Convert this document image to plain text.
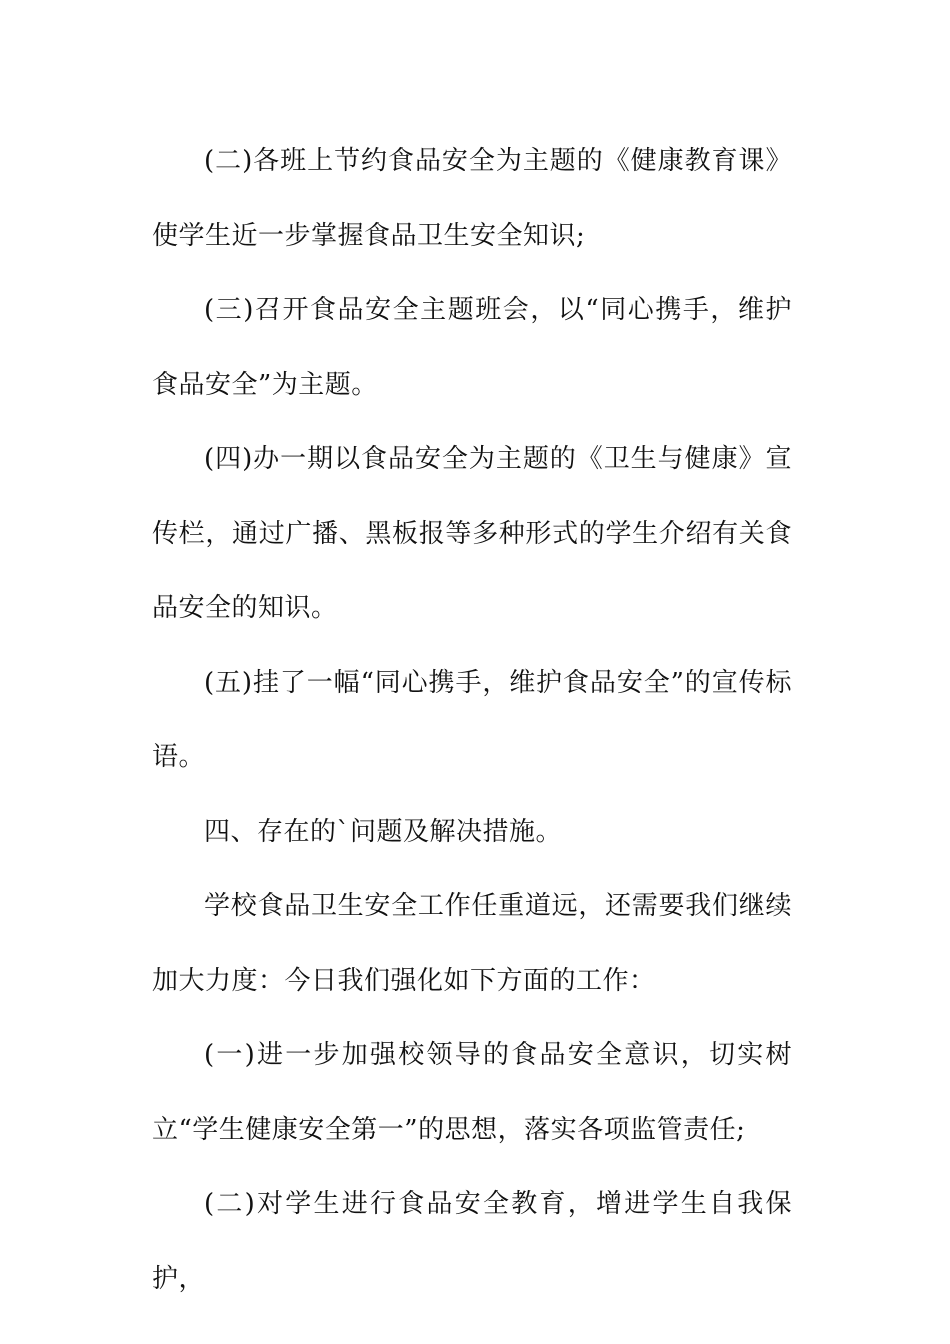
(二)各班上节约食品安全为主题的《健康教育课》使学生近一步掌握食品卫生安全知识;

(三)召开食品安全主题班会，以“同心携手，维护食品安全”为主题。

(四)办一期以食品安全为主题的《卫生与健康》宣传栏，通过广播、黑板报等多种形式的学生介绍有关食品安全的知识。

(五)挂了一幅“同心携手，维护食品安全”的宣传标语。

四、存在的`问题及解决措施。

学校食品卫生安全工作任重道远，还需要我们继续加大力度：今日我们强化如下方面的工作：

(一)进一步加强校领导的食品安全意识，切实树立“学生健康安全第一”的思想，落实各项监管责任;

(二)对学生进行食品安全教育，增进学生自我保护，
